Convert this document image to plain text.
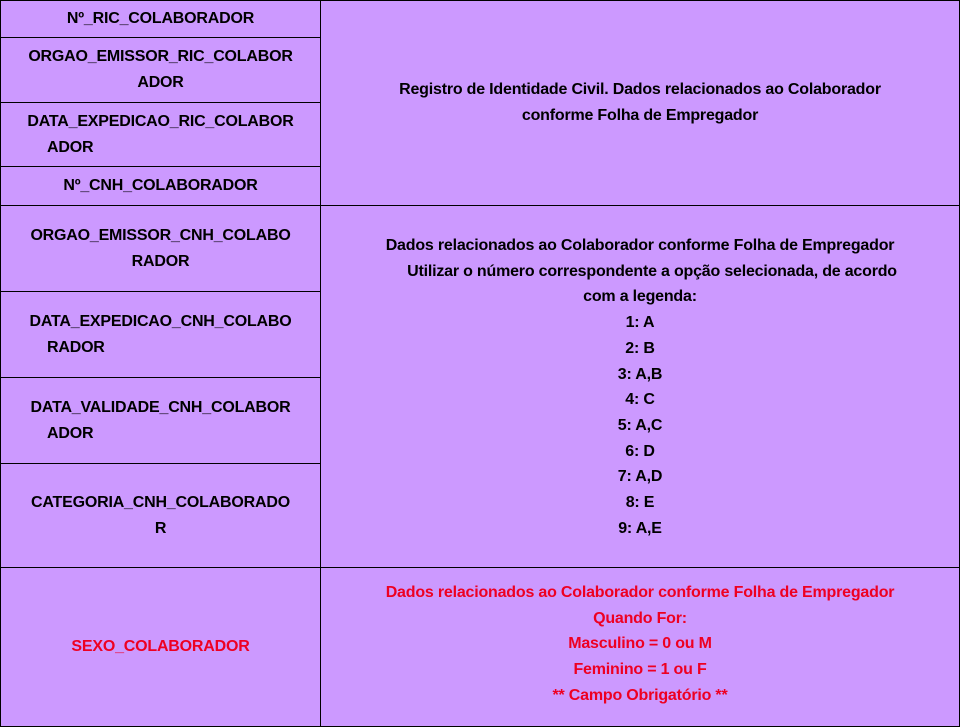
Nº_RIC_COLABORADOR
ORGAO_EMISSOR_RIC_COLABOR
ADOR
DATA_EXPEDICAO_RIC_COLABOR
ADOR
Nº_CNH_COLABORADOR
ORGAO_EMISSOR_CNH_COLABO
RADOR
DATA_EXPEDICAO_CNH_COLABO
RADOR
DATA_VALIDADE_CNH_COLABOR
ADOR
CATEGORIA_CNH_COLABORADO
R
SEXO_COLABORADOR
Registro de Identidade Civil. Dados relacionados ao Colaborador
conforme Folha de Empregador
Dados relacionados ao Colaborador conforme Folha de Empregador
Utilizar o número correspondente a opção selecionada, de acordo
com a legenda:
1: A
2: B
3: A,B
4: C
5: A,C
6: D
7: A,D
8: E
9: A,E
Dados relacionados ao Colaborador conforme Folha de Empregador
Quando For:
Masculino = 0 ou M
Feminino = 1 ou F
** Campo Obrigatório **
